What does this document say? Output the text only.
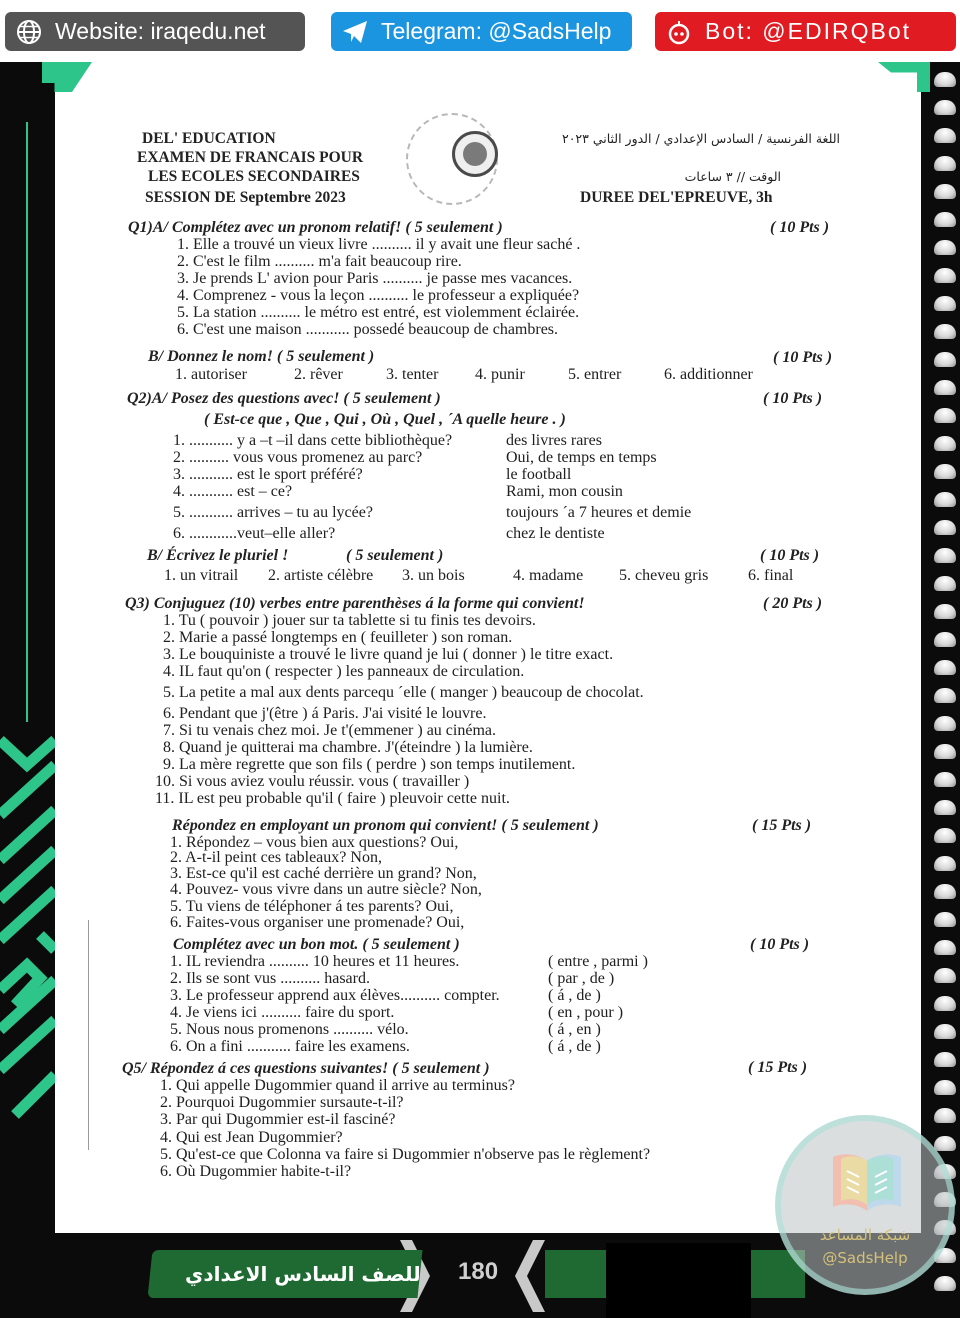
Website: iraqedu.net	Telegram: @SadsHelp	Bot: @EDIRQBot
DEL' EDUCATION
EXAMEN DE FRANCAIS POUR
LES ECOLES SECONDAIRES
SESSION DE Septembre 2023
اللغة الفرنسية / السادس الإعدادي / الدور الثاني ٢٠٢٣
الوقت // ٣ ساعات
DUREE DEL'EPREUVE, 3h
Q1)A/ Complétez avec un pronom relatif! ( 5 seulement )	( 10 Pts )
1. Elle a trouvé un vieux livre .......... il y avait une fleur saché .
2. C'est le film .......... m'a fait beaucoup rire.
3. Je prends L' avion pour Paris .......... je passe mes vacances.
4. Comprenez - vous la leçon .......... le professeur a expliquée?
5. La station .......... le métro est entré, est violemment éclairée.
6. C'est une maison ........... possedé beaucoup de chambres.
B/ Donnez le nom! ( 5 seulement )	( 10 Pts )
1. autoriser	2. rêver	3. tenter 4. punir	5. entrer	6. additionner
Q2)A/ Posez des questions avec! ( 5 seulement )	( 10 Pts )
( Est-ce que , Que , Qui , Où , Quel , ´A quelle heure . )
1. ........... y a –t –il dans cette bibliothèque?	des livres rares
2. .......... vous vous promenez au parc?	Oui, de temps en temps
3. ........... est le sport préféré?	le football
4. ........... est – ce?	Rami, mon cousin
5. ........... arrives – tu au lycée?	toujours ´a 7 heures et demie
6. ............veut–elle aller?	chez le dentiste
B/ Écrivez le pluriel !	( 5 seulement )	( 10 Pts )
1. un vitrail 2. artiste célèbre 3. un bois	4. madame 5. cheveu gris 6. final
Q3) Conjuguez (10) verbes entre parenthèses á la forme qui convient!	( 20 Pts )
1. Tu ( pouvoir ) jouer sur ta tablette si tu finis tes devoirs.
2. Marie a passé longtemps en ( feuilleter ) son roman.
3. Le bouquiniste a trouvé le livre quand je lui ( donner ) le titre exact.
4. IL faut qu'on ( respecter ) les panneaux de circulation.
5. La petite a mal aux dents parcequ ´elle ( manger ) beaucoup de chocolat.
6. Pendant que j'(être ) á Paris. J'ai visité le louvre.
7. Si tu venais chez moi. Je t'(emmener ) au cinéma.
8. Quand je quitterai ma chambre. J'(éteindre ) la lumière.
9. La mère regrette que son fils ( perdre ) son temps inutilement.
10. Si vous aviez voulu réussir. vous ( travailler )
11. IL est peu probable qu'il ( faire ) pleuvoir cette nuit.
Répondez en employant un pronom qui convient! ( 5 seulement )	( 15 Pts )
1. Répondez – vous bien aux questions? Oui,
2. A-t-il peint ces tableaux? Non,
3. Est-ce qu'il est caché derrière un grand? Non,
4. Pouvez- vous vivre dans un autre siècle? Non,
5. Tu viens de téléphoner á tes parents? Oui,
6. Faites-vous organiser une promenade? Oui,
Complétez avec un bon mot. ( 5 seulement )	( 10 Pts )
1. IL reviendra .......... 10 heures et 11 heures.	( entre , parmi )
2. Ils se sont vus .......... hasard.	( par , de )
3. Le professeur apprend aux élèves.......... compter.	( á , de )
4. Je viens ici .......... faire du sport.	( en , pour )
5. Nous nous promenons .......... vélo.	( á , en )
6. On a fini ........... faire les examens.	( á , de )
Q5/ Répondez á ces questions suivantes! ( 5 seulement )	( 15 Pts )
1. Qui appelle Dugommier quand il arrive au terminus?
2. Pourquoi Dugommier sursaute-t-il?
3. Par qui Dugommier est-il fasciné?
4. Qui est Jean Dugommier?
5. Qu'est-ce que Colonna va faire si Dugommier n'observe pas le règlement?
6. Où Dugommier habite-t-il?
للصف السادس الاعدادي 180
شبكة المساعد
@SadsHelp
